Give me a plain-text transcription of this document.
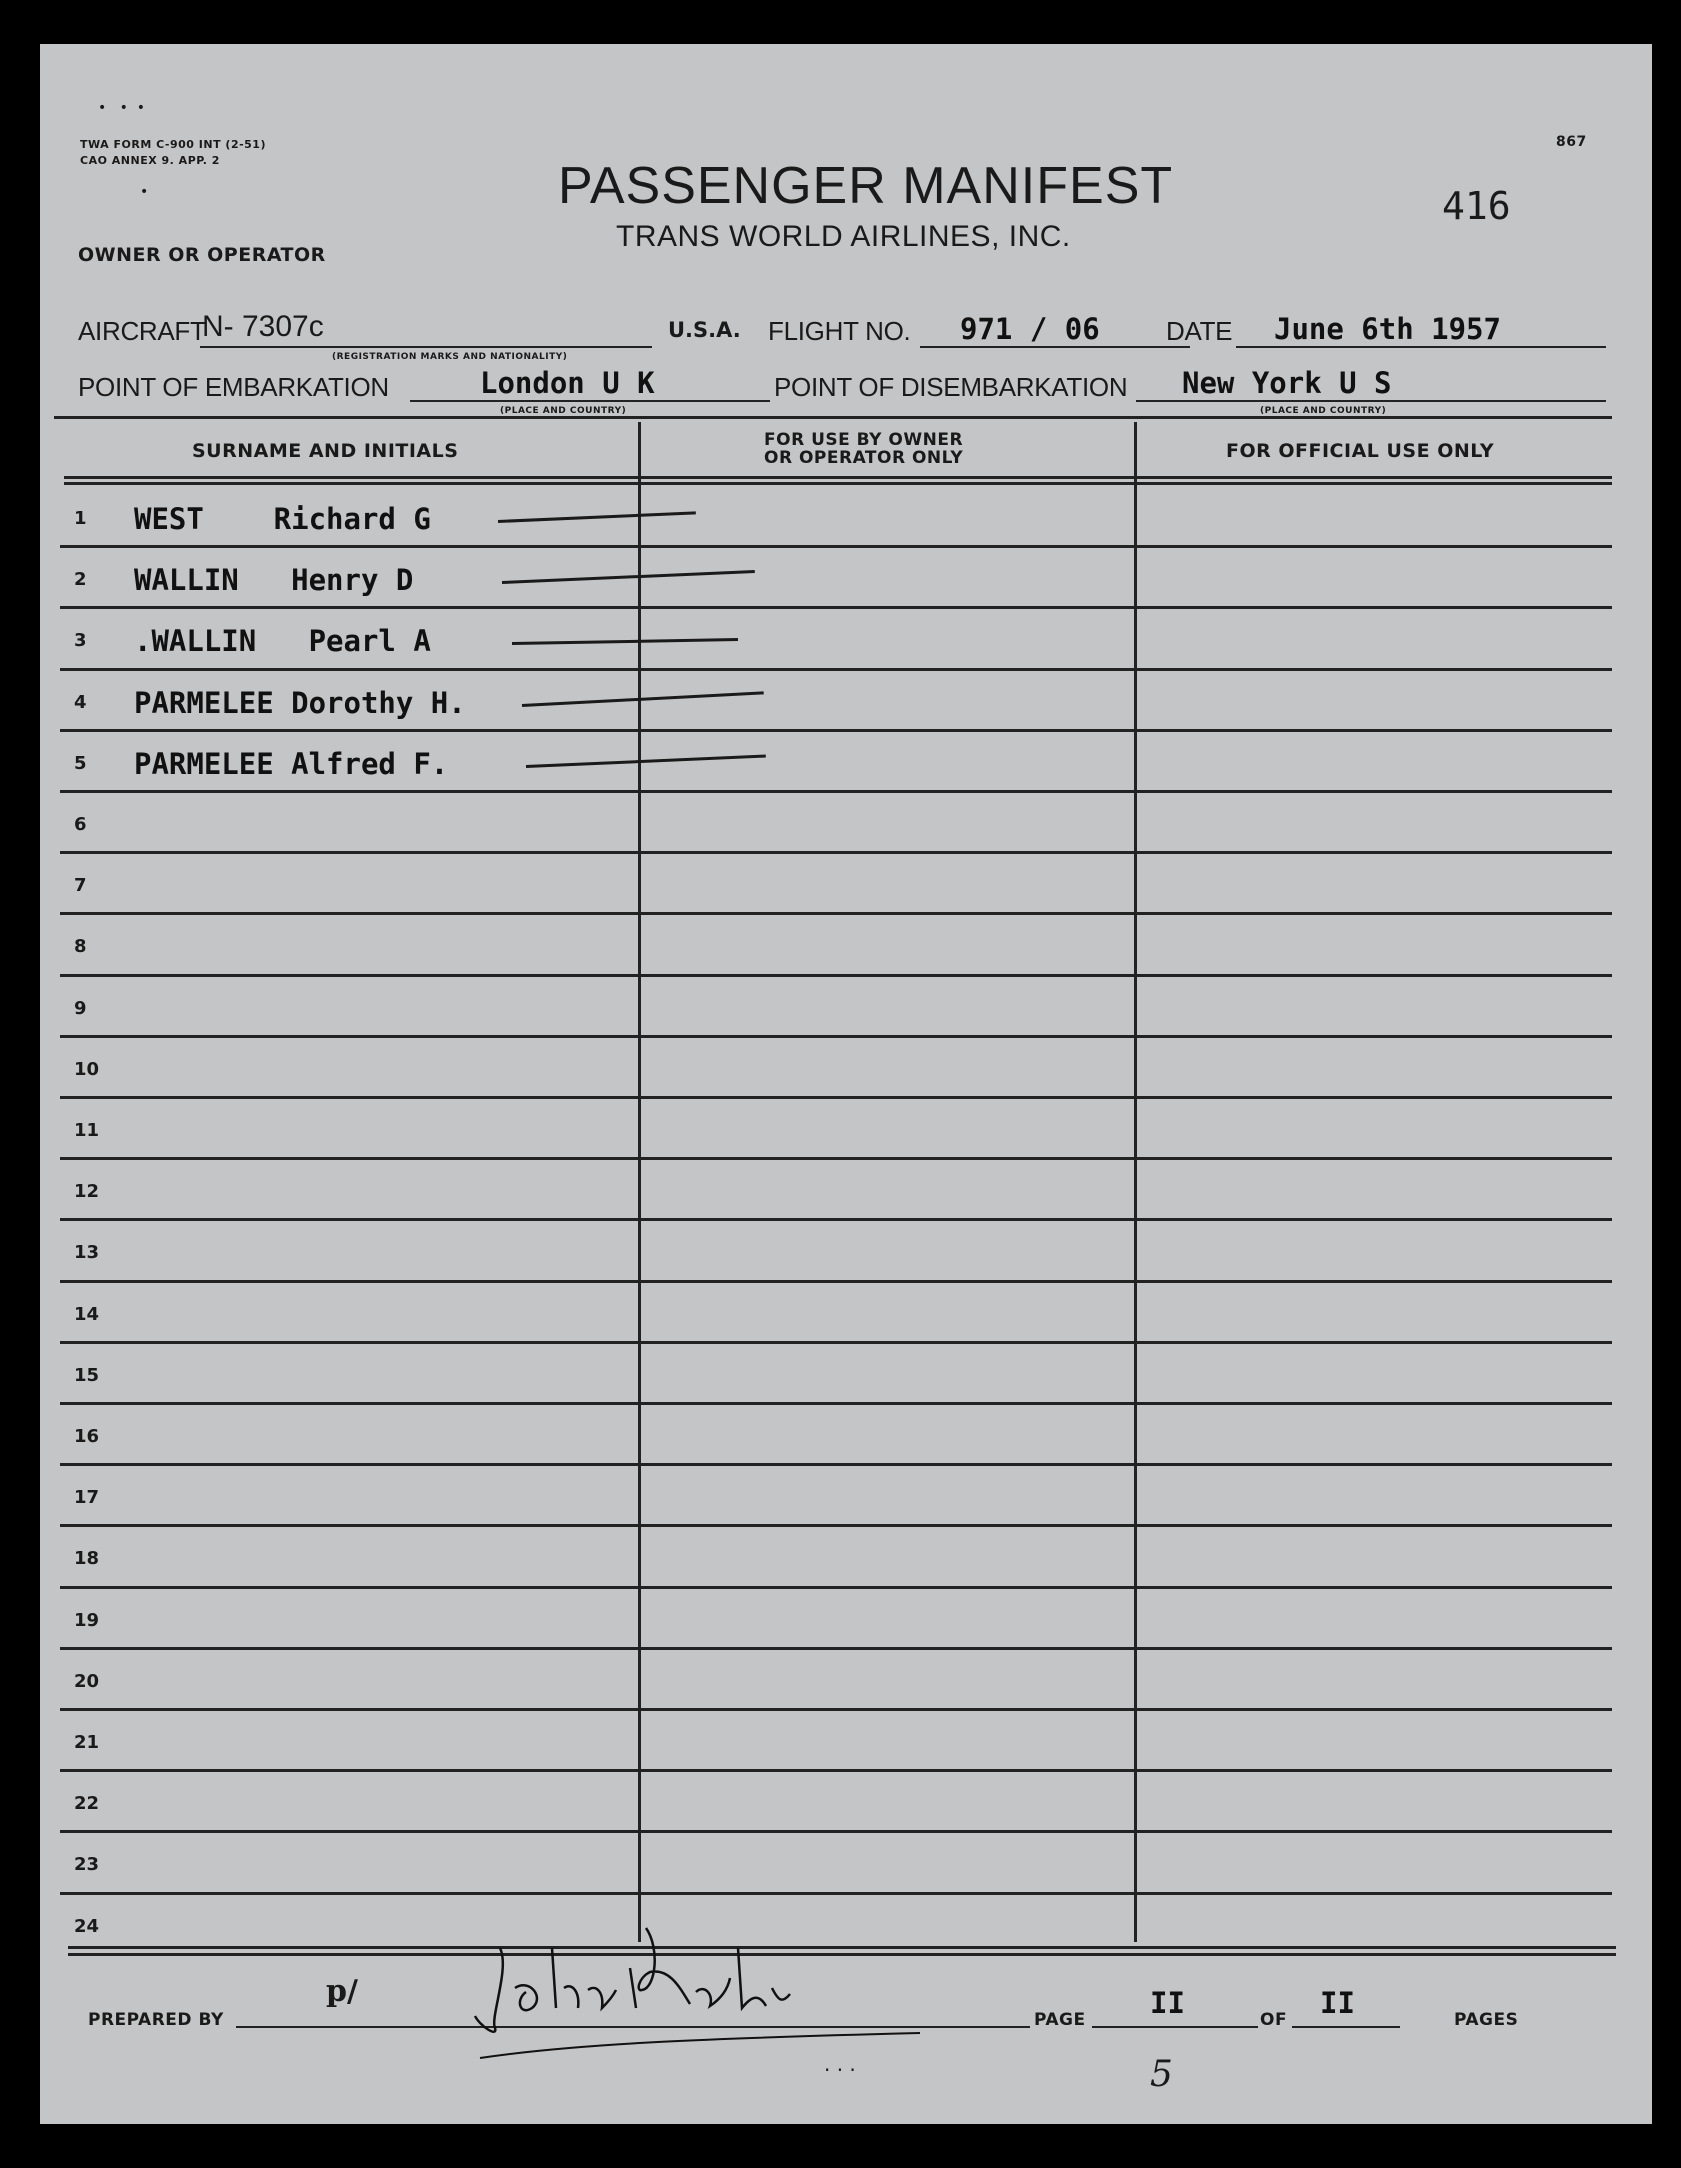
•   •  •
•
TWA FORM C-900 INT (2-51)
CAO ANNEX 9. APP. 2
867
PASSENGER MANIFEST
TRANS WORLD AIRLINES, INC.
416
OWNER OR OPERATOR
AIRCRAFT
N- 7307c
(REGISTRATION MARKS AND NATIONALITY)
U.S.A. FLIGHT NO. 971 / 06	DATE June 6th 1957
POINT OF EMBARKATION	London U K
(PLACE AND COUNTRY)
POINT OF DISEMBARKATION New York U S
(PLACE AND COUNTRY)
SURNAME AND INITIALS	FOR USE BY OWNER
OR OPERATOR ONLY	FOR OFFICIAL USE ONLY
1 WEST    Richard G
2 WALLIN   Henry D
3 .WALLIN   Pearl A
4 PARMELEE Dorothy H.
5 PARMELEE Alfred F.
6
7
8
9
10
11
12
13
14
15
16
17
18
19
20
21
22
23
24
PREPARED BY
p/
· · ·
PAGE II	OF II	PAGES
5
